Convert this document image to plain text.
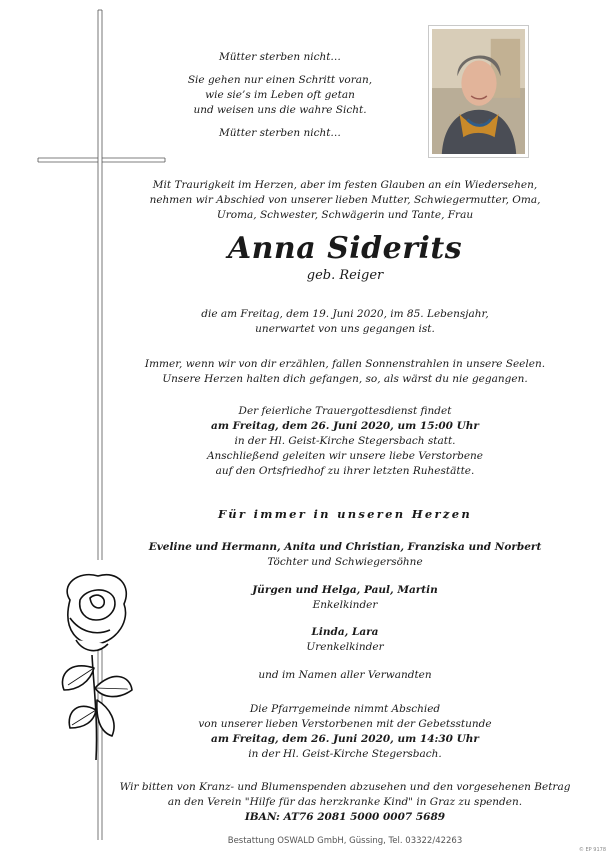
Mütter sterben nicht…
Sie gehen nur einen Schritt voran,
wie sie’s im Leben oft getan
und weisen uns die wahre Sicht.
Mütter sterben nicht…
Mit Traurigkeit im Herzen, aber im festen Glauben an ein Wiedersehen,
nehmen wir Abschied von unserer lieben Mutter, Schwiegermutter, Oma,
Uroma, Schwester, Schwägerin und Tante, Frau
Anna Siderits
geb. Reiger
die am Freitag, dem 19. Juni 2020, im 85. Lebensjahr,
unerwartet von uns gegangen ist.
Immer, wenn wir von dir erzählen, fallen Sonnenstrahlen in unsere Seelen.
Unsere Herzen halten dich gefangen, so, als wärst du nie gegangen.
Der feierliche Trauergottesdienst findet
am Freitag, dem 26. Juni 2020, um 15:00 Uhr
in der Hl. Geist-Kirche Stegersbach statt.
Anschließend geleiten wir unsere liebe Verstorbene
auf den Ortsfriedhof zu ihrer letzten Ruhestätte.
Für immer in unseren Herzen
Eveline und Hermann, Anita und Christian, Franziska und Norbert
Töchter und Schwiegersöhne
Jürgen und Helga, Paul, Martin
Enkelkinder
Linda, Lara
Urenkelkinder
und im Namen aller Verwandten
Die Pfarrgemeinde nimmt Abschied
von unserer lieben Verstorbenen mit der Gebetsstunde
am Freitag, dem 26. Juni 2020, um 14:30 Uhr
in der Hl. Geist-Kirche Stegersbach.
Wir bitten von Kranz- und Blumenspenden abzusehen und den vorgesehenen Betrag
an den Verein "Hilfe für das herzkranke Kind" in Graz zu spenden.
IBAN: AT76 2081 5000 0007 5689
Bestattung OSWALD GmbH, Güssing, Tel. 03322/42263
© EP 9178
